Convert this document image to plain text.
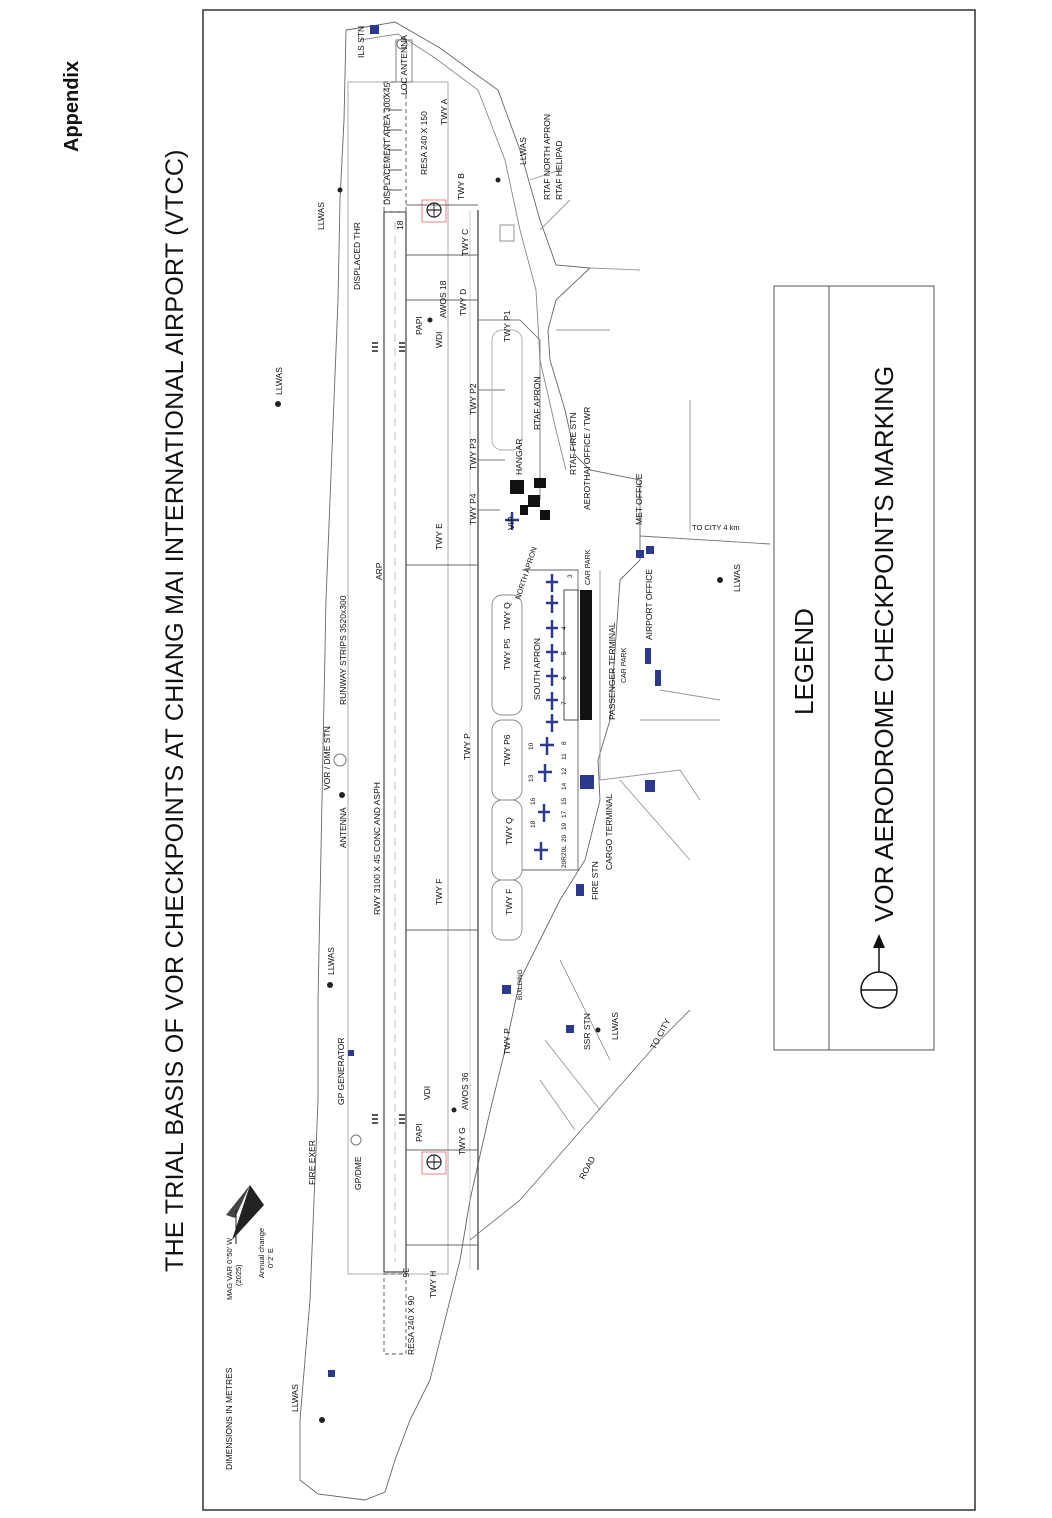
Appendix
THE TRIAL BASIS OF VOR CHECKPOINTS AT CHIANG MAI INTERNATIONAL AIRPORT (VTCC)
DIMENSIONS IN METRES
MAG VAR 0°50' W (2025) Annual change 0°2' E
LLWAS
LLWAS
LLWAS
LLWAS
LLWAS
LLWAS
LLWAS
FIRE EXER
GP GENERATOR
GP/DME
ANTENNA
VOR / DME STN
RUNWAY STRIPS 3520x300
RWY 3100 X 45 CONC AND ASPH
ARP
DISPLACED THR
DISPLACEMENT AREA 300X45	RESA 240 X 150
RESA 240 X 90
18
36
ILS STN	LOC ANTENNA
PAPI
WDI
AWOS 18
PAPI
VDI	AWOS 36
TWY A
TWY B
TWY C
TWY D
TWY E
TWY F
TWY G
TWY H
TWY P
TWY P
TWY P1
TWY P2
TWY P3
TWY P4
TWY P5
TWY P6
TWY Q
TWY Q
TWY F
RTAF NORTH APRON RTAF HELIPAD
RTAF APRON
HANGAR	RTAF FIRE STN AEROTHAI OFFICE / TWR	MET OFFICE
TO CITY 4 km
VIP
NORTH APRON
SOUTH APRON
CAR PARK
PASSENGER TERMINAL CAR PARK
AIRPORT OFFICE
CARGO TERMINAL
FIRE STN
BUILDING
SSR STN	TO CITY
ROAD
3
4
5
6
7
8
10
11
12
13
14
15
16
17
18	19
20
20L
20R
LEGEND VOR AERODROME CHECKPOINTS MARKING
